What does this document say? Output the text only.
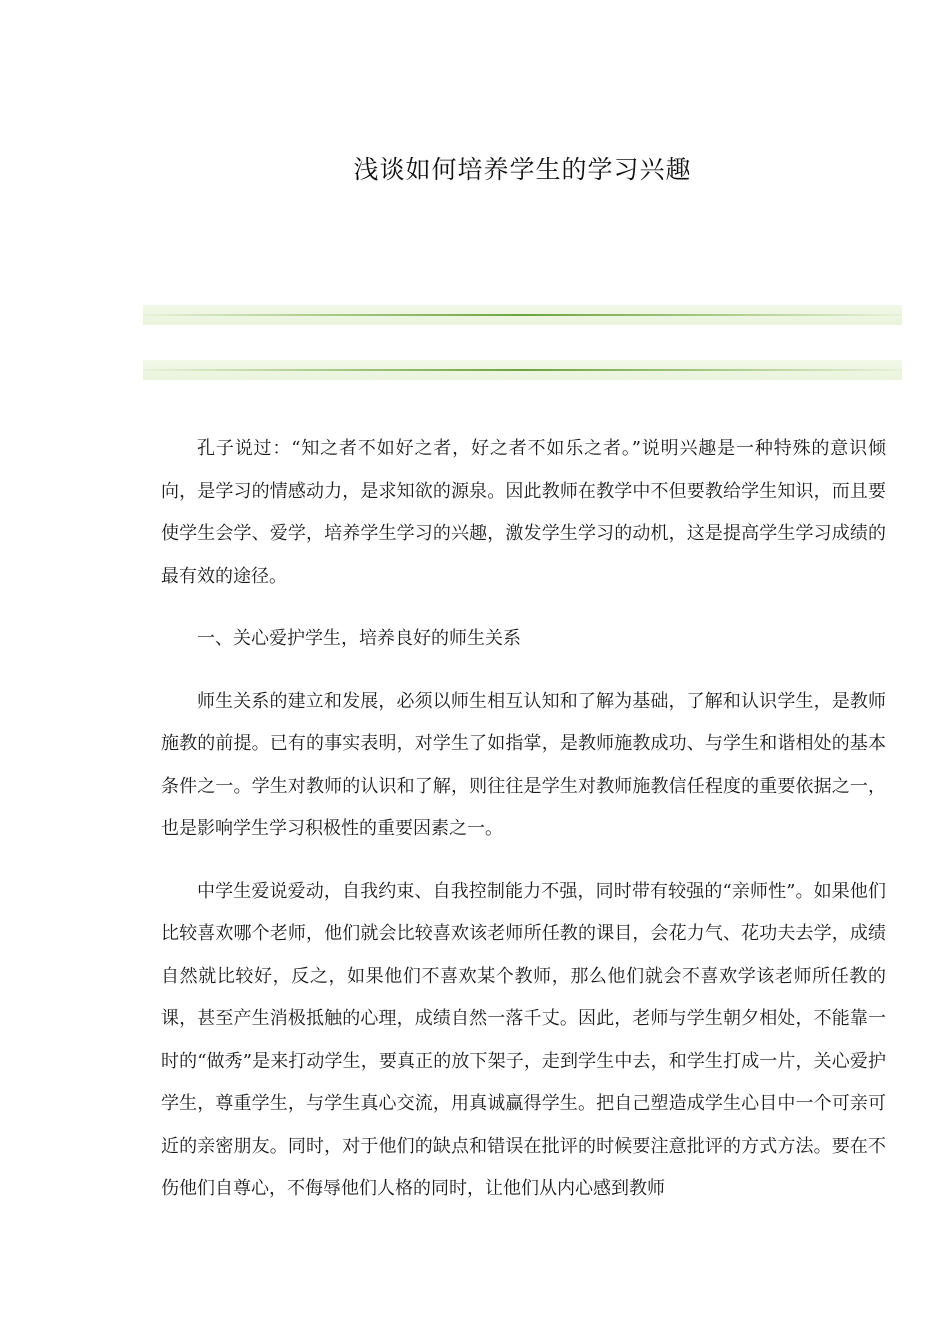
浅谈如何培养学生的学习兴趣

孔子说过：“知之者不如好之者，好之者不如乐之者。”说明兴趣是一种特殊的意识倾向，是学习的情感动力，是求知欲的源泉。因此教师在教学中不但要教给学生知识，而且要使学生会学、爱学，培养学生学习的兴趣，激发学生学习的动机，这是提高学生学习成绩的最有效的途径。

一、关心爱护学生，培养良好的师生关系

师生关系的建立和发展，必须以师生相互认知和了解为基础，了解和认识学生，是教师施教的前提。已有的事实表明，对学生了如指掌，是教师施教成功、与学生和谐相处的基本条件之一。学生对教师的认识和了解，则往往是学生对教师施教信任程度的重要依据之一，也是影响学生学习积极性的重要因素之一。

中学生爱说爱动，自我约束、自我控制能力不强，同时带有较强的“亲师性”。如果他们比较喜欢哪个老师，他们就会比较喜欢该老师所任教的课目，会花力气、花功夫去学，成绩自然就比较好，反之，如果他们不喜欢某个教师，那么他们就会不喜欢学该老师所任教的课，甚至产生消极抵触的心理，成绩自然一落千丈。因此，老师与学生朝夕相处，不能靠一时的“做秀”是来打动学生，要真正的放下架子，走到学生中去，和学生打成一片，关心爱护学生，尊重学生，与学生真心交流，用真诚赢得学生。把自己塑造成学生心目中一个可亲可近的亲密朋友。同时，对于他们的缺点和错误在批评的时候要注意批评的方式方法。要在不伤他们自尊心，不侮辱他们人格的同时，让他们从内心感到教师
